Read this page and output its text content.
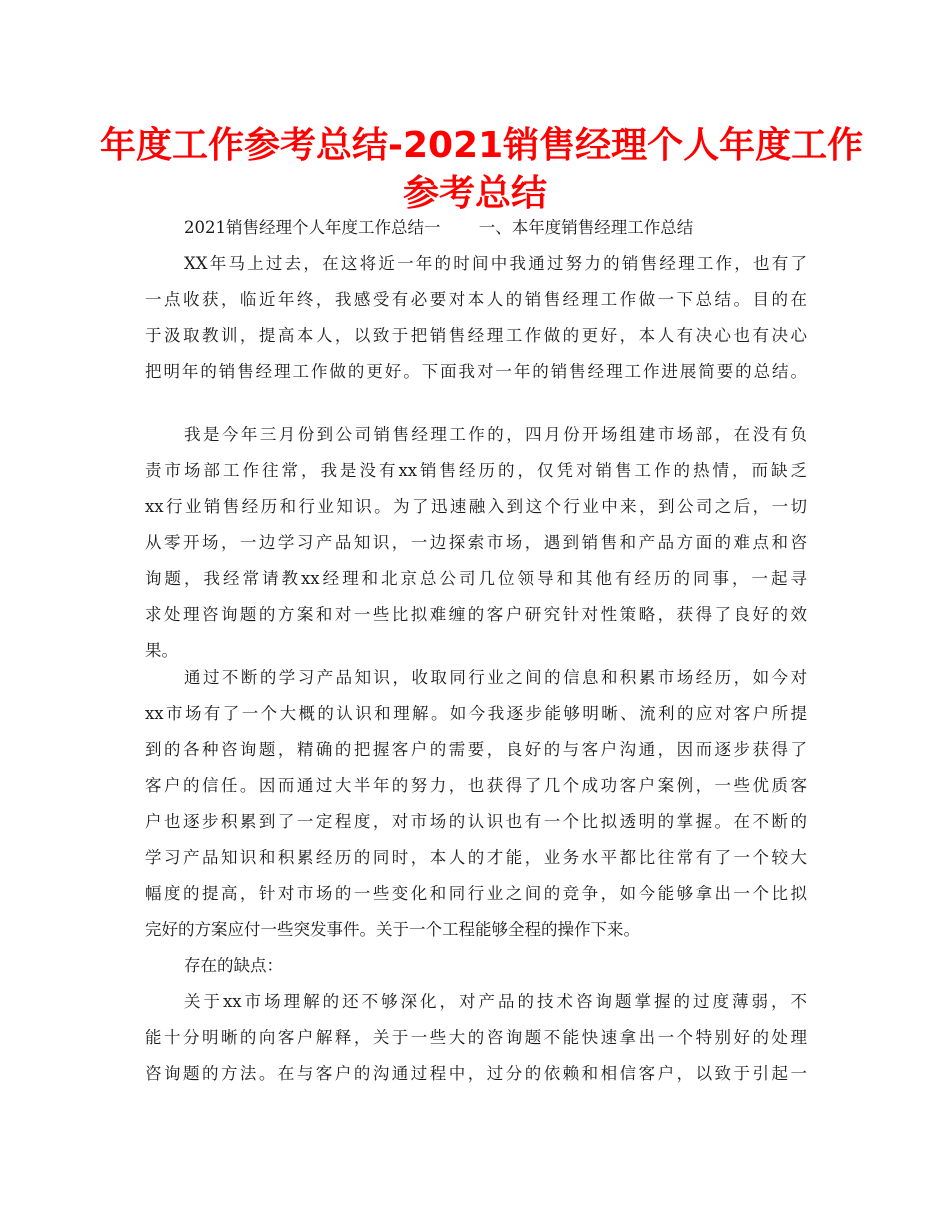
年度工作参考总结-2021销售经理个人年度工作
参考总结
2021销售经理个人年度工作总结一　　 一、本年度销售经理工作总结
XX年马上过去，在这将近一年的时间中我通过努力的销售经理工作，也有了
一点收获，临近年终，我感受有必要对本人的销售经理工作做一下总结。目的在
于汲取教训，提高本人，以致于把销售经理工作做的更好，本人有决心也有决心
把明年的销售经理工作做的更好。下面我对一年的销售经理工作进展简要的总结。
我是今年三月份到公司销售经理工作的，四月份开场组建市场部，在没有负
责市场部工作往常，我是没有xx销售经历的，仅凭对销售工作的热情，而缺乏
xx行业销售经历和行业知识。为了迅速融入到这个行业中来，到公司之后，一切
从零开场，一边学习产品知识，一边探索市场，遇到销售和产品方面的难点和咨
询题，我经常请教xx经理和北京总公司几位领导和其他有经历的同事，一起寻
求处理咨询题的方案和对一些比拟难缠的客户研究针对性策略，获得了良好的效
果。
通过不断的学习产品知识，收取同行业之间的信息和积累市场经历，如今对
xx市场有了一个大概的认识和理解。如今我逐步能够明晰、流利的应对客户所提
到的各种咨询题，精确的把握客户的需要，良好的与客户沟通，因而逐步获得了
客户的信任。因而通过大半年的努力，也获得了几个成功客户案例，一些优质客
户也逐步积累到了一定程度，对市场的认识也有一个比拟透明的掌握。在不断的
学习产品知识和积累经历的同时，本人的才能，业务水平都比往常有了一个较大
幅度的提高，针对市场的一些变化和同行业之间的竞争，如今能够拿出一个比拟
完好的方案应付一些突发事件。关于一个工程能够全程的操作下来。
存在的缺点：
关于xx市场理解的还不够深化，对产品的技术咨询题掌握的过度薄弱，不
能十分明晰的向客户解释，关于一些大的咨询题不能快速拿出一个特别好的处理
咨询题的方法。在与客户的沟通过程中，过分的依赖和相信客户，以致于引起一
